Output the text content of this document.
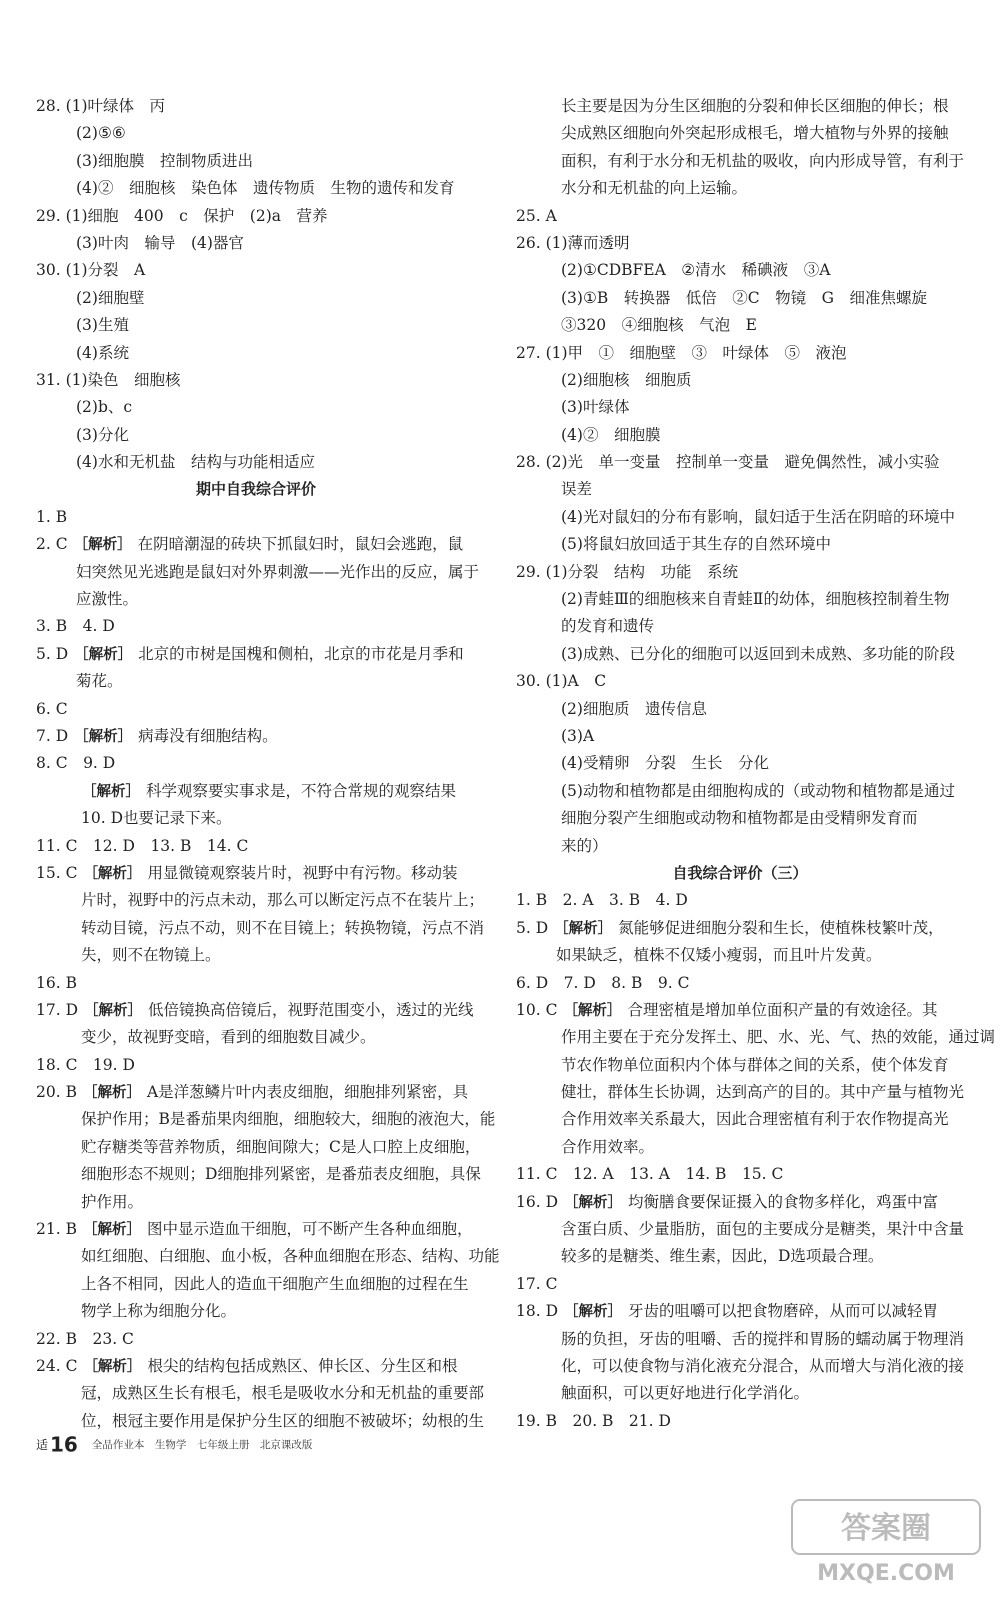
28. (1)叶绿体　丙
(2)⑤⑥
(3)细胞膜　控制物质进出
(4)②　细胞核　染色体　遗传物质　生物的遗传和发育
29. (1)细胞　400　c　保护　(2)a　营养
(3)叶肉　输导　(4)器官
30. (1)分裂　A
(2)细胞壁
(3)生殖
(4)系统
31. (1)染色　细胞核
(2)b、c
(3)分化
(4)水和无机盐　结构与功能相适应
期中自我综合评价
1. B
2. C ［解析］ 在阴暗潮湿的砖块下抓鼠妇时，鼠妇会逃跑，鼠
妇突然见光逃跑是鼠妇对外界刺激——光作出的反应，属于
应激性。
3. B　4. D
5. D ［解析］ 北京的市树是国槐和侧柏，北京的市花是月季和
菊花。
6. C
7. D ［解析］ 病毒没有细胞结构。
8. C　9. D
［解析］ 科学观察要实事求是，不符合常规的观察结果
10. D也要记录下来。
11. C　12. D　13. B　14. C
15. C ［解析］ 用显微镜观察装片时，视野中有污物。移动装
片时，视野中的污点未动，那么可以断定污点不在装片上；
转动目镜，污点不动，则不在目镜上；转换物镜，污点不消
失，则不在物镜上。
16. B
17. D ［解析］ 低倍镜换高倍镜后，视野范围变小，透过的光线
变少，故视野变暗，看到的细胞数目减少。
18. C　19. D
20. B ［解析］ A是洋葱鳞片叶内表皮细胞，细胞排列紧密，具
保护作用；B是番茄果肉细胞，细胞较大，细胞的液泡大，能
贮存糖类等营养物质，细胞间隙大；C是人口腔上皮细胞，
细胞形态不规则；D细胞排列紧密，是番茄表皮细胞，具保
护作用。
21. B ［解析］ 图中显示造血干细胞，可不断产生各种血细胞，
如红细胞、白细胞、血小板，各种血细胞在形态、结构、功能
上各不相同，因此人的造血干细胞产生血细胞的过程在生
物学上称为细胞分化。
22. B　23. C
24. C ［解析］ 根尖的结构包括成熟区、伸长区、分生区和根
冠，成熟区生长有根毛，根毛是吸收水分和无机盐的重要部
位，根冠主要作用是保护分生区的细胞不被破坏；幼根的生
长主要是因为分生区细胞的分裂和伸长区细胞的伸长；根
尖成熟区细胞向外突起形成根毛，增大植物与外界的接触
面积，有利于水分和无机盐的吸收，向内形成导管，有利于
水分和无机盐的向上运输。
25. A
26. (1)薄而透明
(2)①CDBFEA　②清水　稀碘液　③A
(3)①B　转换器　低倍　②C　物镜　G　细准焦螺旋
③320　④细胞核　气泡　E
27. (1)甲　①　细胞壁　③　叶绿体　⑤　液泡
(2)细胞核　细胞质
(3)叶绿体
(4)②　细胞膜
28. (2)光　单一变量　控制单一变量　避免偶然性，减小实验
误差
(4)光对鼠妇的分布有影响，鼠妇适于生活在阴暗的环境中
(5)将鼠妇放回适于其生存的自然环境中
29. (1)分裂　结构　功能　系统
(2)青蛙Ⅲ的细胞核来自青蛙Ⅱ的幼体，细胞核控制着生物
的发育和遗传
(3)成熟、已分化的细胞可以返回到未成熟、多功能的阶段
30. (1)A　C
(2)细胞质　遗传信息
(3)A
(4)受精卵　分裂　生长　分化
(5)动物和植物都是由细胞构成的（或动物和植物都是通过
细胞分裂产生细胞或动物和植物都是由受精卵发育而
来的）
自我综合评价（三）
1. B　2. A　3. B　4. D
5. D ［解析］ 氮能够促进细胞分裂和生长，使植株枝繁叶茂，
如果缺乏，植株不仅矮小瘦弱，而且叶片发黄。
6. D　7. D　8. B　9. C
10. C ［解析］ 合理密植是增加单位面积产量的有效途径。其
作用主要在于充分发挥土、肥、水、光、气、热的效能，通过调
节农作物单位面积内个体与群体之间的关系，使个体发育
健壮，群体生长协调，达到高产的目的。其中产量与植物光
合作用效率关系最大，因此合理密植有利于农作物提高光
合作用效率。
11. C　12. A　13. A　14. B　15. C
16. D ［解析］ 均衡膳食要保证摄入的食物多样化，鸡蛋中富
含蛋白质、少量脂肪，面包的主要成分是糖类，果汁中含量
较多的是糖类、维生素，因此，D选项最合理。
17. C
18. D ［解析］ 牙齿的咀嚼可以把食物磨碎，从而可以减轻胃
肠的负担，牙齿的咀嚼、舌的搅拌和胃肠的蠕动属于物理消
化，可以使食物与消化液充分混合，从而增大与消化液的接
触面积，可以更好地进行化学消化。
19. B　20. B　21. D
适 16 全品作业本　生物学　七年级上册　北京课改版
答案圈
MXQE.COM
